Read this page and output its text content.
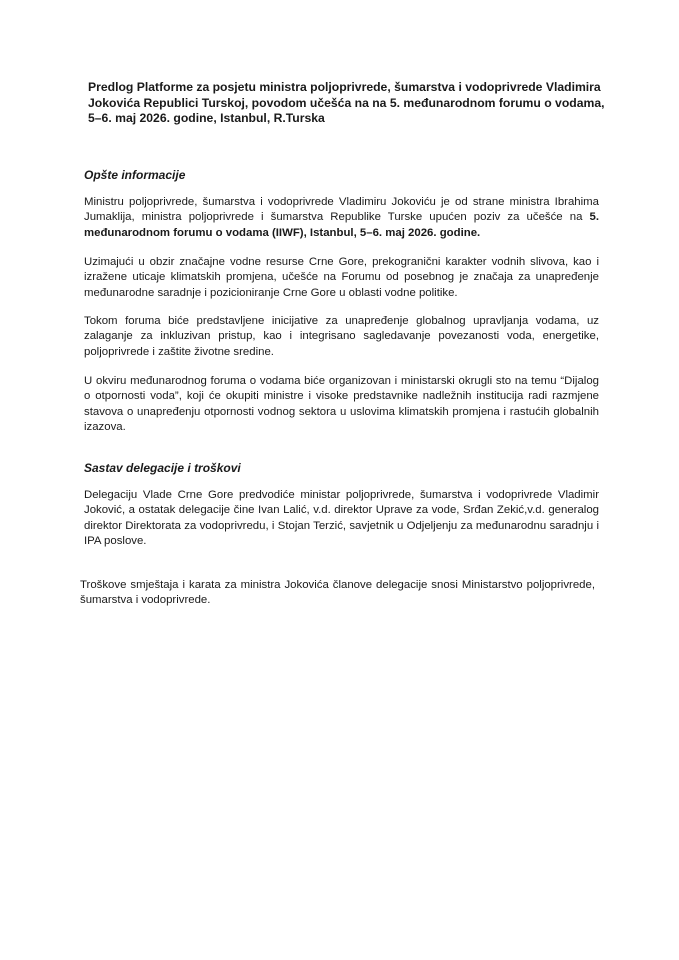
Predlog Platforme za posjetu ministra poljoprivrede, šumarstva i vodoprivrede Vladimira Jokovića Republici Turskoj, povodom učešća na na 5. međunarodnom forumu o vodama, 5–6. maj 2026. godine, Istanbul, R.Turska
Opšte informacije
Ministru poljoprivrede, šumarstva i vodoprivrede Vladimiru Jokoviću je od strane ministra Ibrahima Jumaklija, ministra poljoprivrede i šumarstva Republike Turske upućen poziv za učešće na 5. međunarodnom forumu o vodama (IIWF), Istanbul, 5–6. maj 2026. godine.
Uzimajući u obzir značajne vodne resurse Crne Gore, prekogranični karakter vodnih slivova, kao i izražene uticaje klimatskih promjena, učešće na Forumu od posebnog je značaja za unapređenje međunarodne saradnje i pozicioniranje Crne Gore u oblasti vodne politike.
Tokom foruma biće predstavljene inicijative za unapređenje globalnog upravljanja vodama, uz zalaganje za inkluzivan pristup, kao i integrisano sagledavanje povezanosti voda, energetike, poljoprivrede i zaštite životne sredine.
U okviru međunarodnog foruma o vodama biće organizovan i ministarski okrugli sto na temu “Dijalog o otpornosti voda”, koji će okupiti ministre i visoke predstavnike nadležnih institucija radi razmjene stavova o unapređenju otpornosti vodnog sektora u uslovima klimatskih promjena i rastućih globalnih izazova.
Sastav delegacije i troškovi
Delegaciju Vlade Crne Gore predvodiće ministar poljoprivrede, šumarstva i vodoprivrede Vladimir Joković, a ostatak delegacije čine Ivan Lalić, v.d. direktor Uprave za vode, Srđan Zekić,v.d. generalog direktor Direktorata za vodoprivredu, i Stojan Terzić, savjetnik u Odjeljenju za međunarodnu saradnju i IPA poslove.
Troškove smještaja i karata za ministra Jokovića članove delegacije snosi Ministarstvo poljoprivrede, šumarstva i vodoprivrede.
